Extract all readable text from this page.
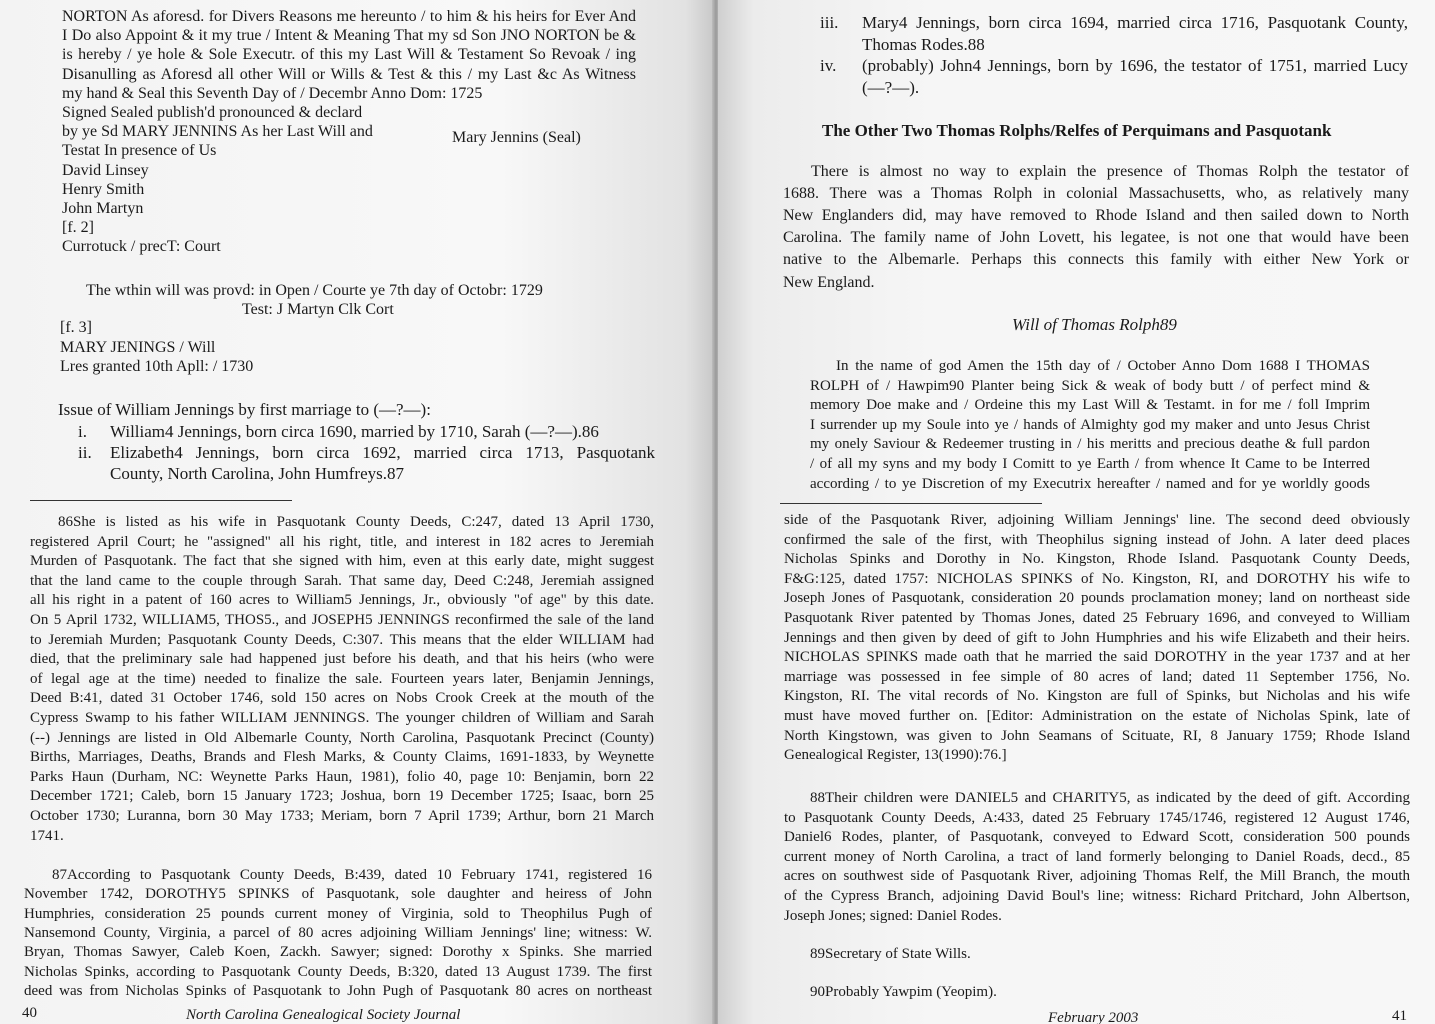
NORTON As aforesd. for Divers Reasons me hereunto / to him & his heirs for Ever And
I Do also Appoint & it my true / Intent & Meaning That my sd Son JNO NORTON be &
is hereby / ye hole & Sole Executr. of this my Last Will & Testament So Revoak / ing
Disanulling as Aforesd all other Will or Wills & Test & this / my Last &c As Witness
my hand & Seal this Seventh Day of / Decembr Anno Dom: 1725
Signed Sealed publish'd pronounced & declard
by ye Sd MARY JENNINS As her Last Will and
Testat In presence of Us
David Linsey
Henry Smith
John Martyn
[f. 2]
Currotuck / precT: Court
Mary Jennins (Seal)
The wthin will was provd: in Open / Courte ye 7th day of Octobr: 1729
Test: J Martyn Clk Cort
[f. 3]
MARY JENINGS / Will
Lres granted 10th Apll: / 1730
Issue of William Jennings by first marriage to (—?—):
i. William4 Jennings, born circa 1690, married by 1710, Sarah (—?—).86
ii. Elizabeth4 Jennings, born circa 1692, married circa 1713, Pasquotank
County, North Carolina, John Humfreys.87
86She is listed as his wife in Pasquotank County Deeds, C:247, dated 13 April 1730,
registered April Court; he "assigned" all his right, title, and interest in 182 acres to Jeremiah
Murden of Pasquotank. The fact that she signed with him, even at this early date, might suggest
that the land came to the couple through Sarah. That same day, Deed C:248, Jeremiah assigned
all his right in a patent of 160 acres to William5 Jennings, Jr., obviously "of age" by this date.
On 5 April 1732, WILLIAM5, THOS5., and JOSEPH5 JENNINGS reconfirmed the sale of the land
to Jeremiah Murden; Pasquotank County Deeds, C:307. This means that the elder WILLIAM had
died, that the preliminary sale had happened just before his death, and that his heirs (who were
of legal age at the time) needed to finalize the sale. Fourteen years later, Benjamin Jennings,
Deed B:41, dated 31 October 1746, sold 150 acres on Nobs Crook Creek at the mouth of the
Cypress Swamp to his father WILLIAM JENNINGS. The younger children of William and Sarah
(--) Jennings are listed in Old Albemarle County, North Carolina, Pasquotank Precinct (County)
Births, Marriages, Deaths, Brands and Flesh Marks, & County Claims, 1691-1833, by Weynette
Parks Haun (Durham, NC: Weynette Parks Haun, 1981), folio 40, page 10: Benjamin, born 22
December 1721; Caleb, born 15 January 1723; Joshua, born 19 December 1725; Isaac, born 25
October 1730; Luranna, born 30 May 1733; Meriam, born 7 April 1739; Arthur, born 21 March
1741.
87According to Pasquotank County Deeds, B:439, dated 10 February 1741, registered 16
November 1742, DOROTHY5 SPINKS of Pasquotank, sole daughter and heiress of John
Humphries, consideration 25 pounds current money of Virginia, sold to Theophilus Pugh of
Nansemond County, Virginia, a parcel of 80 acres adjoining William Jennings' line; witness: W.
Bryan, Thomas Sawyer, Caleb Koen, Zackh. Sawyer; signed: Dorothy x Spinks. She married
Nicholas Spinks, according to Pasquotank County Deeds, B:320, dated 13 August 1739. The first
deed was from Nicholas Spinks of Pasquotank to John Pugh of Pasquotank 80 acres on northeast
40	North Carolina Genealogical Society Journal
iii. Mary4 Jennings, born circa 1694, married circa 1716, Pasquotank County,
Thomas Rodes.88
iv. (probably) John4 Jennings, born by 1696, the testator of 1751, married Lucy
(—?—).
The Other Two Thomas Rolphs/Relfes of Perquimans and Pasquotank
There is almost no way to explain the presence of Thomas Rolph the testator of
1688. There was a Thomas Rolph in colonial Massachusetts, who, as relatively many
New Englanders did, may have removed to Rhode Island and then sailed down to North
Carolina. The family name of John Lovett, his legatee, is not one that would have been
native to the Albemarle. Perhaps this connects this family with either New York or
New England.
Will of Thomas Rolph89
In the name of god Amen the 15th day of / October Anno Dom 1688 I THOMAS
ROLPH of / Hawpim90 Planter being Sick & weak of body butt / of perfect mind &
memory Doe make and / Ordeine this my Last Will & Testamt. in for me / foll Imprim
I surrender up my Soule into ye / hands of Almighty god my maker and unto Jesus Christ
my onely Saviour & Redeemer trusting in / his meritts and precious deathe & full pardon
/ of all my syns and my body I Comitt to ye Earth / from whence It Came to be Interred
according / to ye Discretion of my Executrix hereafter / named and for ye worldly goods
side of the Pasquotank River, adjoining William Jennings' line. The second deed obviously
confirmed the sale of the first, with Theophilus signing instead of John. A later deed places
Nicholas Spinks and Dorothy in No. Kingston, Rhode Island. Pasquotank County Deeds,
F&G:125, dated 1757: NICHOLAS SPINKS of No. Kingston, RI, and DOROTHY his wife to
Joseph Jones of Pasquotank, consideration 20 pounds proclamation money; land on northeast side
Pasquotank River patented by Thomas Jones, dated 25 February 1696, and conveyed to William
Jennings and then given by deed of gift to John Humphries and his wife Elizabeth and their heirs.
NICHOLAS SPINKS made oath that he married the said DOROTHY in the year 1737 and at her
marriage was possessed in fee simple of 80 acres of land; dated 11 September 1756, No.
Kingston, RI. The vital records of No. Kingston are full of Spinks, but Nicholas and his wife
must have moved further on. [Editor: Administration on the estate of Nicholas Spink, late of
North Kingstown, was given to John Seamans of Scituate, RI, 8 January 1759; Rhode Island
Genealogical Register, 13(1990):76.]
88Their children were DANIEL5 and CHARITY5, as indicated by the deed of gift. According
to Pasquotank County Deeds, A:433, dated 25 February 1745/1746, registered 12 August 1746,
Daniel6 Rodes, planter, of Pasquotank, conveyed to Edward Scott, consideration 500 pounds
current money of North Carolina, a tract of land formerly belonging to Daniel Roads, decd., 85
acres on southwest side of Pasquotank River, adjoining Thomas Relf, the Mill Branch, the mouth
of the Cypress Branch, adjoining David Boul's line; witness: Richard Pritchard, John Albertson,
Joseph Jones; signed: Daniel Rodes.
89Secretary of State Wills.
90Probably Yawpim (Yeopim).
February 2003	41
